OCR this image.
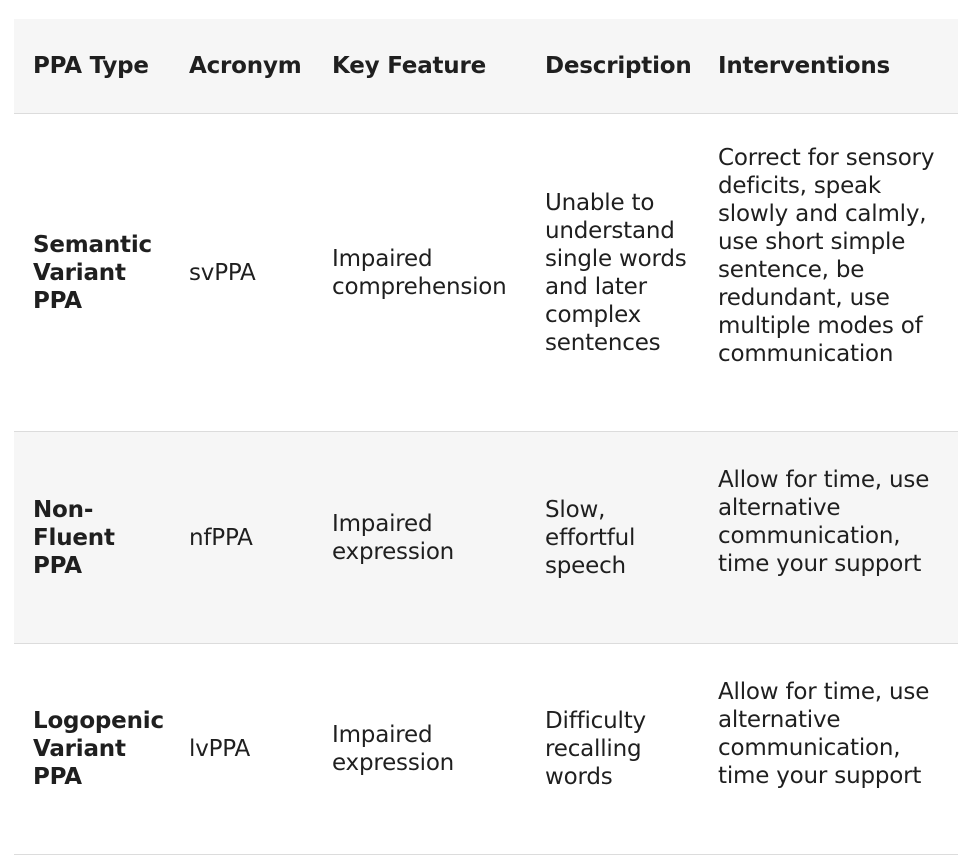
PPA Type	Acronym	Key Feature	Description	Interventions
Semantic Variant PPA	svPPA	Impaired comprehension	Unable to understand single words and later complex sentences	Correct for sensory deficits, speak slowly and calmly, use short simple sentence, be redundant, use multiple modes of communication
Non-Fluent PPA	nfPPA	Impaired expression	Slow, effortful speech	Allow for time, use alternative communication, time your support
Logopenic Variant PPA	lvPPA	Impaired expression	Difficulty recalling words	Allow for time, use alternative communication, time your support
